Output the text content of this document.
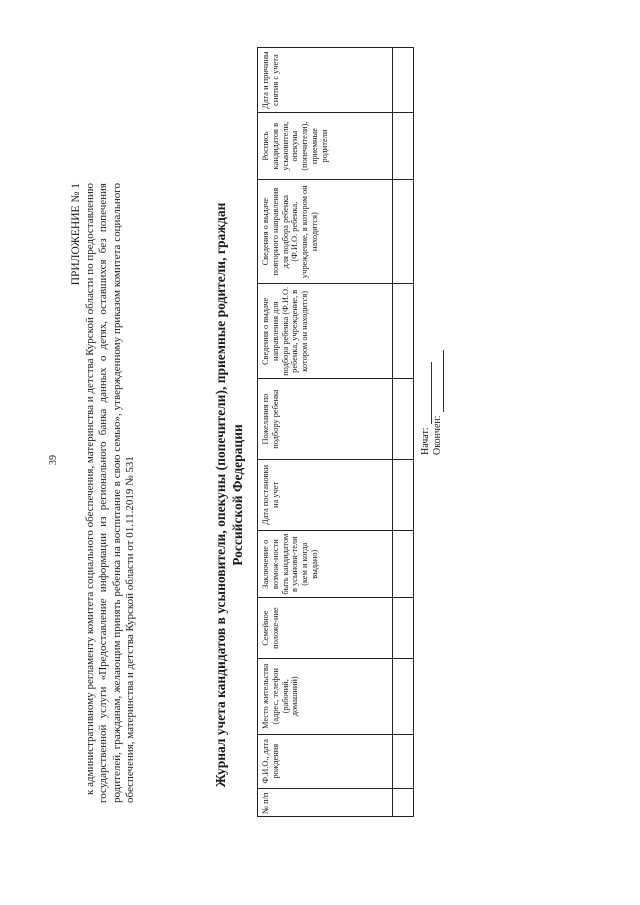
39
ПРИЛОЖЕНИЕ № 1 к административному регламенту комитета социального обеспечения, материнства и детства Курской области по предоставлению государственной услуги «Предоставление информации из регионального банка данных о детях, оставшихся без попечения родителей, гражданам, желающим принять ребенка на воспитание в свою семью», утвержденному приказом комитета социального обеспечения, материнства и детства Курской области от 01.11.2019 № 531	Журнал учета кандидатов в усыновители, опекуны (попечители), приемные родители, граждан Российской Федерации
№ п/п	Ф.И.О., дата рождения	Место жительства (адрес, телефон (рабочий, домашний)	Семейное положе-ние	Заключение о возмож-ности быть кандидатом в усынови-тели (кем и когда выдано)	Дата постановки на учет	Пожелания по подбору ребенка	Сведения о выдаче направления для подбора ребенка (Ф.И.О. ребенка, учреждение, в котором он находится)	Сведения о выдаче повторного направления для подбора ребенка (Ф.И.О. ребенка, учреждение, в котором он находится)	Роспись кандидатов в усыновители, опекуны (попечители), приемные родители	Дата и причины снятия с учета

Начат: Окончен:
